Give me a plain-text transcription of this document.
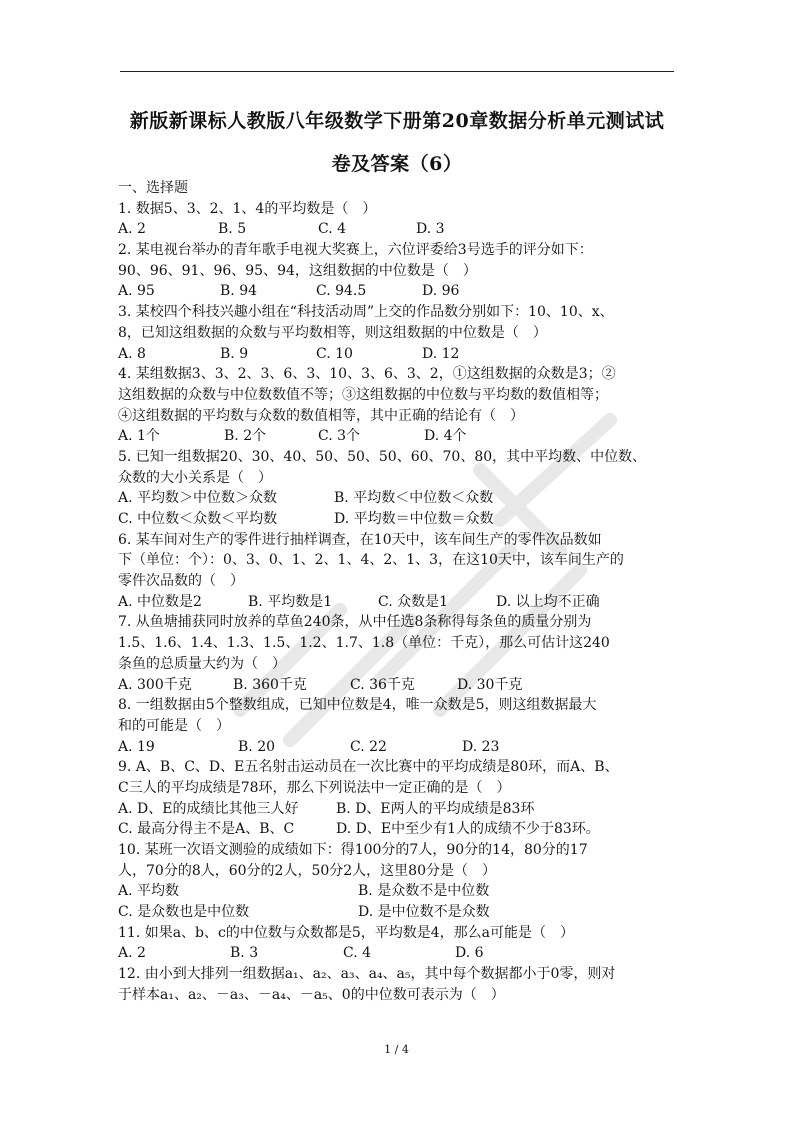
新版新课标人教版八年级数学下册第20章数据分析单元测试试
卷及答案（6）
一、选择题
1. 数据5、3、2、1、4的平均数是（　）
A. 2	B. 5	C. 4	D. 3
2. 某电视台举办的青年歌手电视大奖赛上，六位评委给3号选手的评分如下：
90、96、91、96、95、94，这组数据的中位数是（　）
A. 95	B. 94	C. 94.5	D. 96
3. 某校四个科技兴趣小组在“科技活动周”上交的作品数分别如下：10、10、x、
8，已知这组数据的众数与平均数相等，则这组数据的中位数是（　）
A. 8	B. 9	C. 10	D. 12
4. 某组数据3、3、2、3、6、3、10、3、6、3、2，①这组数据的众数是3；②
这组数据的众数与中位数数值不等；③这组数据的中位数与平均数的数值相等；
④这组数据的平均数与众数的数值相等，其中正确的结论有（　）
A. 1个	B. 2个	C. 3个	D. 4个
5. 已知一组数据20、30、40、50、50、50、60、70、80，其中平均数、中位数、
众数的大小关系是（　）
A. 平均数＞中位数＞众数	B. 平均数＜中位数＜众数
C. 中位数＜众数＜平均数	D. 平均数＝中位数＝众数
6. 某车间对生产的零件进行抽样调查，在10天中，该车间生产的零件次品数如
下（单位：个）：0、3、0、1、2、1、4、2、1、3，在这10天中，该车间生产的
零件次品数的（　）
A. 中位数是2	B. 平均数是1	C. 众数是1	D. 以上均不正确
7. 从鱼塘捕获同时放养的草鱼240条，从中任选8条称得每条鱼的质量分别为
1.5、1.6、1.4、1.3、1.5、1.2、1.7、1.8（单位：千克），那么可估计这240
条鱼的总质量大约为（　）
A. 300千克	B. 360千克	C. 36千克	D. 30千克
8. 一组数据由5个整数组成，已知中位数是4，唯一众数是5，则这组数据最大
和的可能是（　）
A. 19	B. 20	C. 22	D. 23
9. A、B、C、D、E五名射击运动员在一次比赛中的平均成绩是80环，而A、B、
C三人的平均成绩是78环，那么下列说法中一定正确的是（　）
A. D、E的成绩比其他三人好	B. D、E两人的平均成绩是83环
C. 最高分得主不是A、B、C	D. D、E中至少有1人的成绩不少于83环。
10. 某班一次语文测验的成绩如下：得100分的7人，90分的14，80分的17
人，70分的8人，60分的2人，50分2人，这里80分是（　）
A. 平均数	B. 是众数不是中位数
C. 是众数也是中位数	D. 是中位数不是众数
11. 如果a、b、c的中位数与众数都是5，平均数是4，那么a可能是（　）
A. 2	B. 3	C. 4	D. 6
12. 由小到大排列一组数据a₁、a₂、a₃、a₄、a₅，其中每个数据都小于0零，则对
于样本a₁、a₂、－a₃、－a₄、－a₅、0的中位数可表示为（　）
1 / 4
